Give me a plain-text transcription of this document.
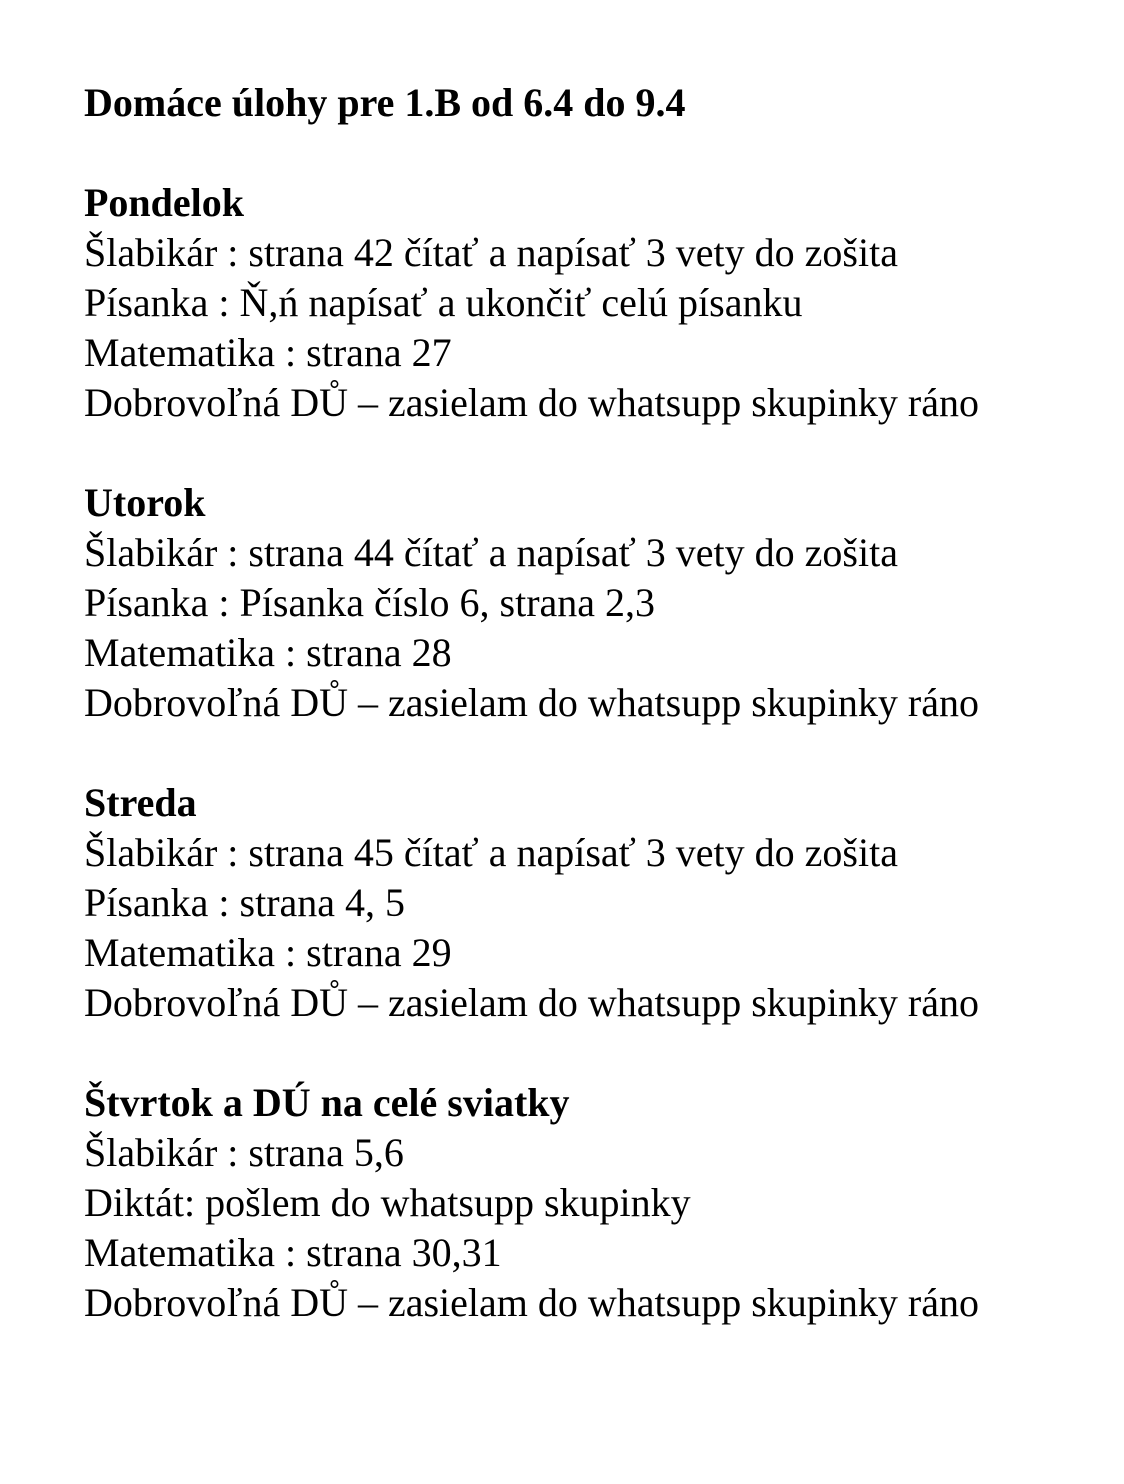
Domáce úlohy pre 1.B od 6.4 do 9.4

Pondelok

Šlabikár : strana 42 čítať a napísať 3 vety do zošita

Písanka : Ň,ń napísať a ukončiť celú písanku

Matematika : strana 27

Dobrovoľná DŮ – zasielam do whatsupp skupinky ráno

Utorok

Šlabikár : strana 44 čítať a napísať 3 vety do zošita

Písanka : Písanka číslo 6, strana 2,3

Matematika : strana 28

Dobrovoľná DŮ – zasielam do whatsupp skupinky ráno

Streda

Šlabikár : strana 45 čítať a napísať 3 vety do zošita

Písanka : strana 4, 5

Matematika : strana 29

Dobrovoľná DŮ – zasielam do whatsupp skupinky ráno

Štvrtok a DÚ na celé sviatky

Šlabikár : strana 5,6

Diktát: pošlem do whatsupp skupinky

Matematika : strana 30,31

Dobrovoľná DŮ – zasielam do whatsupp skupinky ráno
